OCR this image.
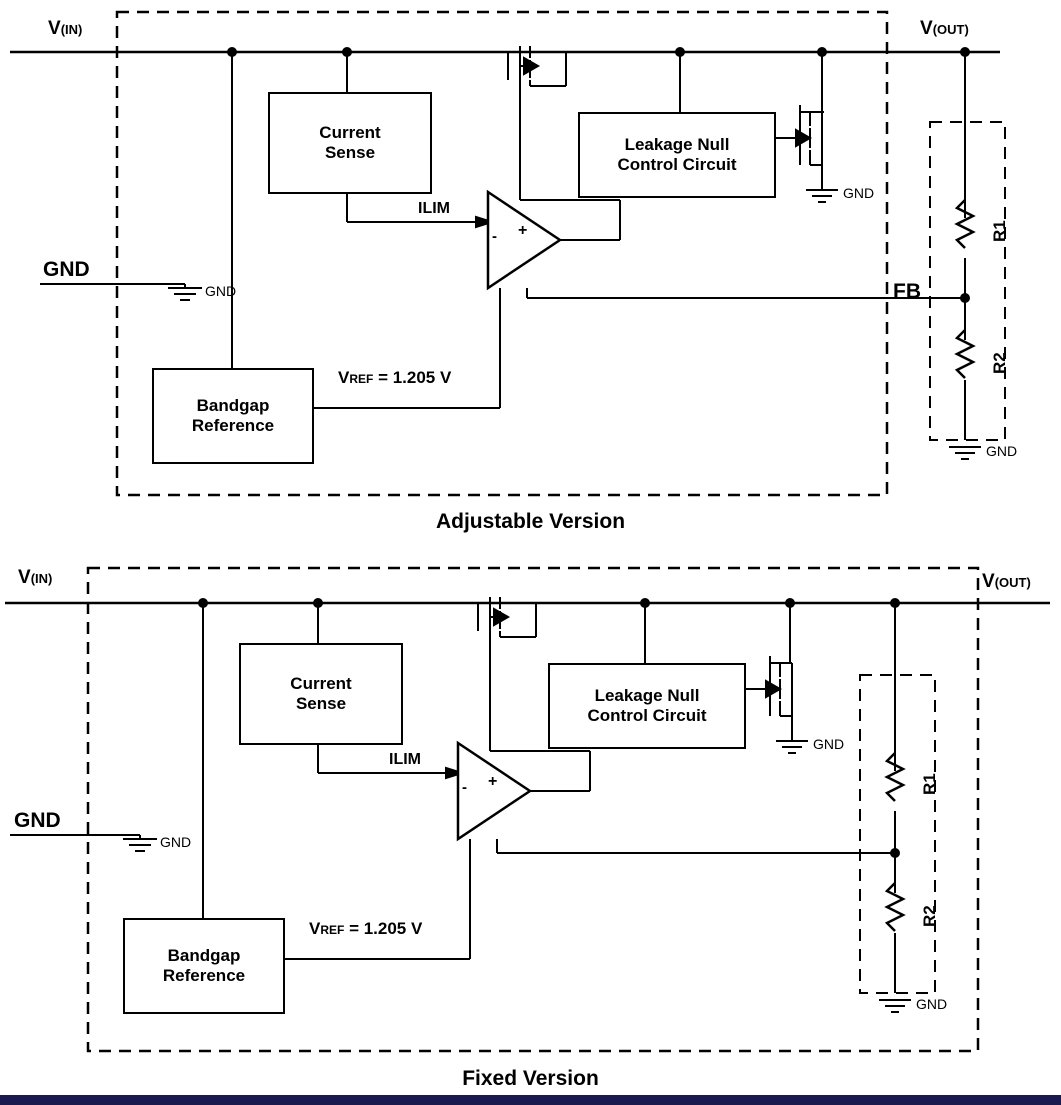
V(IN)	V(OUT)
GND
GND
GND
GND
Current
Sense	Leakage Null
Control Circuit
Bandgap
Reference
ILIM
VREF = 1.205 V
FB
- +	R1
R2
Adjustable Version
V(IN)	V(OUT)
GND
GND
GND
GND
Current
Sense	Leakage Null
Control Circuit
Bandgap
Reference
ILIM
VREF = 1.205 V
- +	R1
R2
Fixed Version
